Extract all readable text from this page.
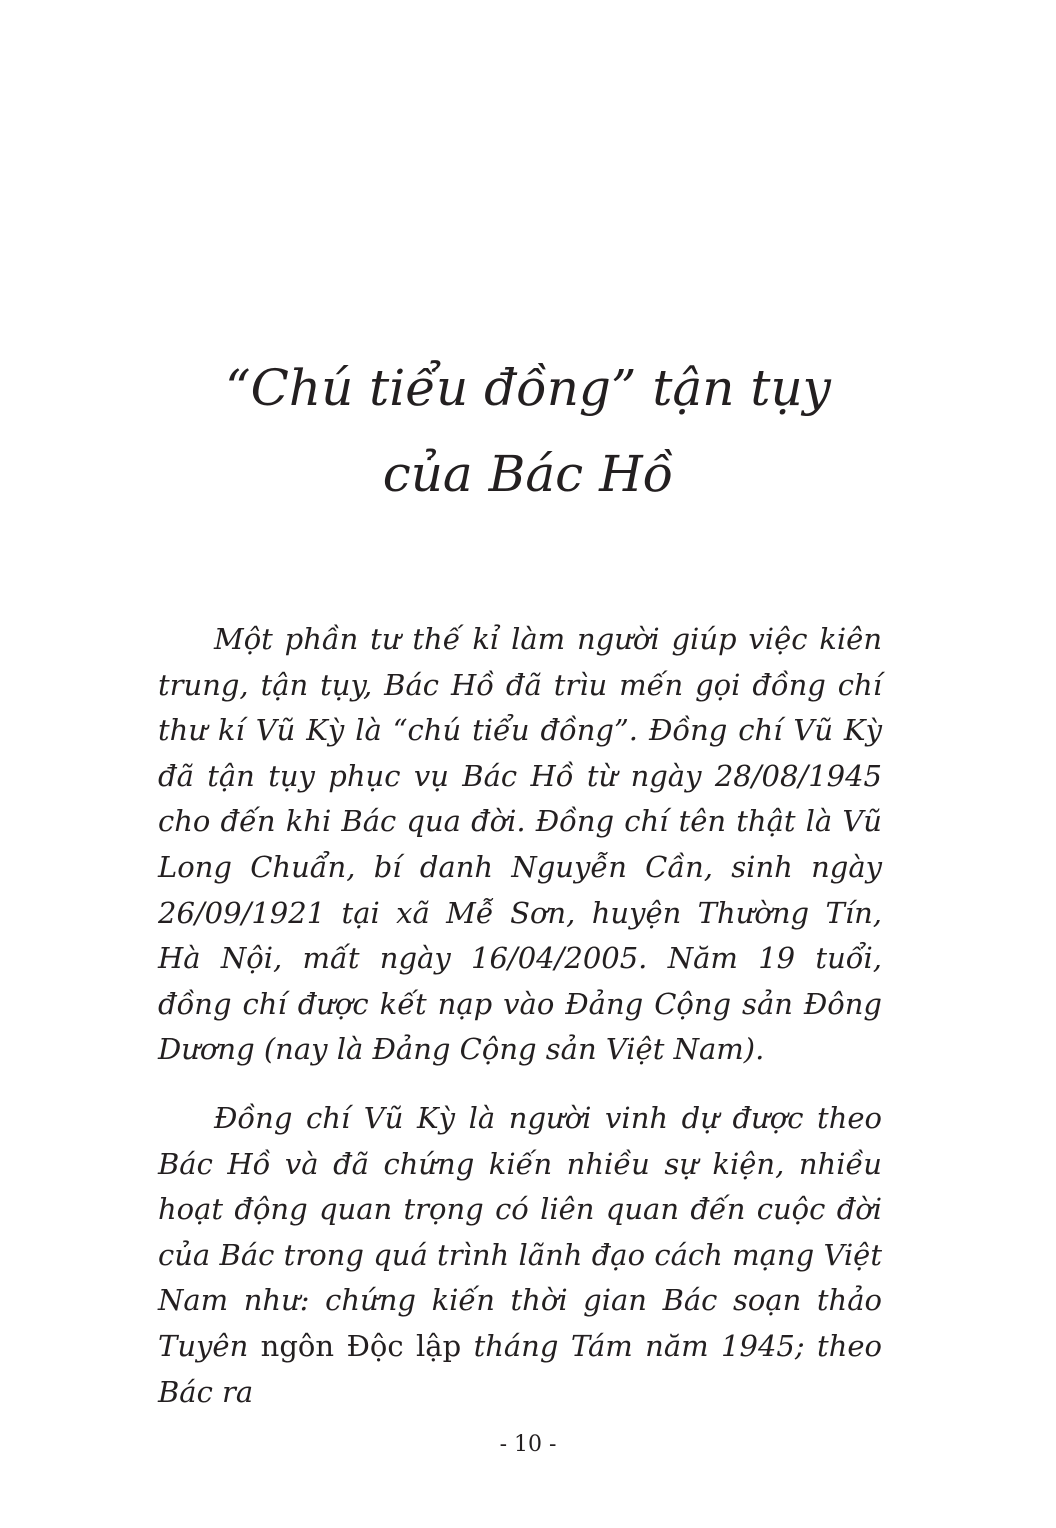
“Chú tiểu đồng” tận tụy
của Bác Hồ

Một phần tư thế kỉ làm người giúp việc kiên trung, tận tụy, Bác Hồ đã trìu mến gọi đồng chí thư kí Vũ Kỳ là “chú tiểu đồng”. Đồng chí Vũ Kỳ đã tận tụy phục vụ Bác Hồ từ ngày 28/08/1945 cho đến khi Bác qua đời. Đồng chí tên thật là Vũ Long Chuẩn, bí danh Nguyễn Cần, sinh ngày 26/09/1921 tại xã Mễ Sơn, huyện Thường Tín, Hà Nội, mất ngày 16/04/2005. Năm 19 tuổi, đồng chí được kết nạp vào Đảng Cộng sản Đông Dương (nay là Đảng Cộng sản Việt Nam).

Đồng chí Vũ Kỳ là người vinh dự được theo Bác Hồ và đã chứng kiến nhiều sự kiện, nhiều hoạt động quan trọng có liên quan đến cuộc đời của Bác trong quá trình lãnh đạo cách mạng Việt Nam như: chứng kiến thời gian Bác soạn thảo Tuyên ngôn Độc lập tháng Tám năm 1945; theo Bác ra

- 10 -
